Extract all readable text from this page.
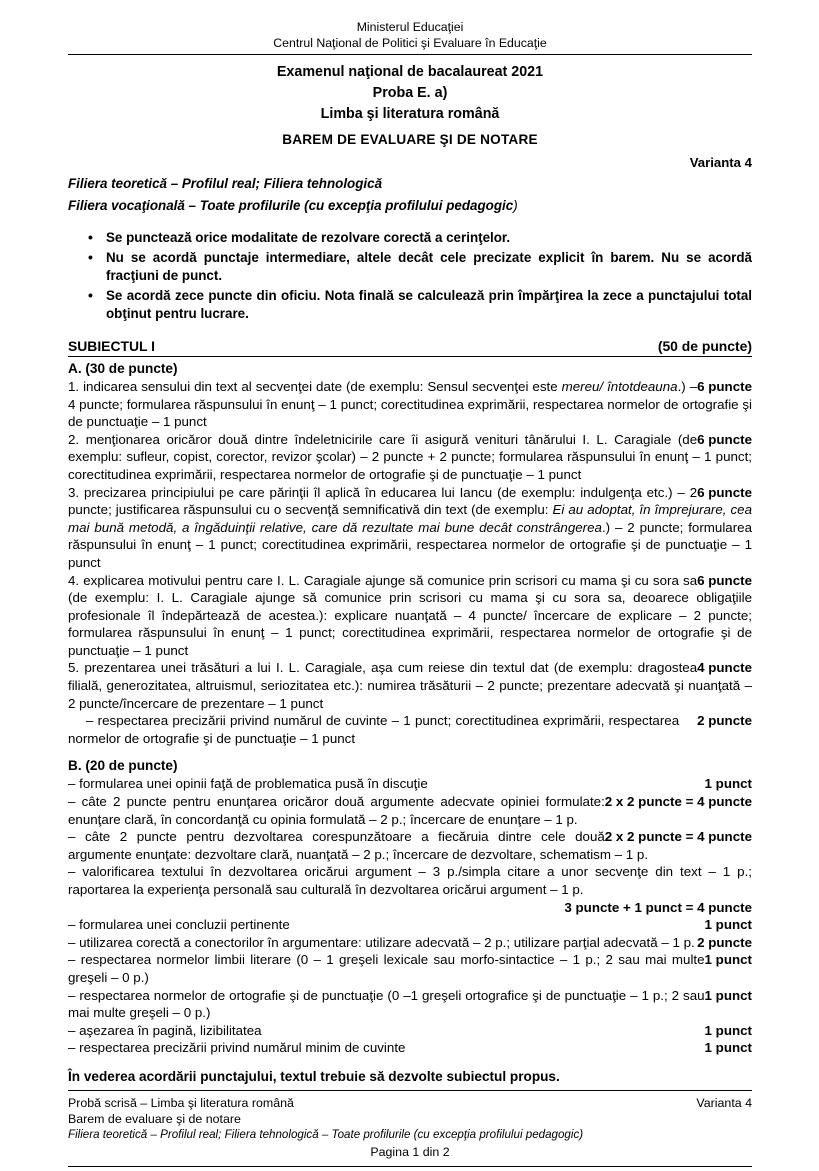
Ministerul Educaţiei
Centrul Naţional de Politici şi Evaluare în Educaţie
Examenul naţional de bacalaureat 2021
Proba E. a)
Limba şi literatura română
BAREM DE EVALUARE ŞI DE NOTARE
Varianta 4
Filiera teoretică – Profilul real; Filiera tehnologică
Filiera vocaţională – Toate profilurile (cu excepţia profilului pedagogic)
• Se punctează orice modalitate de rezolvare corectă a cerinţelor.
• Nu se acordă punctaje intermediare, altele decât cele precizate explicit în barem. Nu se acordă fracţiuni de punct.
• Se acordă zece puncte din oficiu. Nota finală se calculează prin împărţirea la zece a punctajului total obţinut pentru lucrare.
SUBIECTUL I	(50 de puncte)
A. (30 de puncte)

6 puncte
1. indicarea sensului din text al secvenţei date (de exemplu: Sensul secvenţei este mereu/ întotdeauna.) – 4 puncte; formularea răspunsului în enunţ – 1 punct; corectitudinea exprimării, respectarea normelor de ortografie şi de punctuaţie – 1 punct

6 puncte
2. menţionarea oricăror două dintre îndeletnicirile care îi asigură venituri tânărului I. L. Caragiale (de exemplu: sufleur, copist, corector, revizor şcolar) – 2 puncte + 2 puncte; formularea răspunsului în enunţ – 1 punct; corectitudinea exprimării, respectarea normelor de ortografie şi de punctuaţie – 1 punct

6 puncte
3. precizarea principiului pe care părinţii îl aplică în educarea lui Iancu (de exemplu: indulgenţa etc.) – 2 puncte; justificarea răspunsului cu o secvenţă semnificativă din text (de exemplu: Ei au adoptat, în împrejurare, cea mai bună metodă, a îngăduinţii relative, care dă rezultate mai bune decât constrângerea.) – 2 puncte; formularea răspunsului în enunţ – 1 punct; corectitudinea exprimării, respectarea normelor de ortografie şi de punctuaţie – 1 punct

6 puncte
4. explicarea motivului pentru care I. L. Caragiale ajunge să comunice prin scrisori cu mama şi cu sora sa (de exemplu: I. L. Caragiale ajunge să comunice prin scrisori cu mama şi cu sora sa, deoarece obligaţiile profesionale îl îndepărtează de acestea.): explicare nuanţată – 4 puncte/ încercare de explicare – 2 puncte; formularea răspunsului în enunţ – 1 punct; corectitudinea exprimării, respectarea normelor de ortografie şi de punctuaţie – 1 punct

4 puncte
5. prezentarea unei trăsături a lui I. L. Caragiale, aşa cum reiese din textul dat (de exemplu: dragostea filială, generozitatea, altruismul, seriozitatea etc.): numirea trăsăturii – 2 puncte; prezentare adecvată şi nuanţată – 2 puncte/încercare de prezentare – 1 punct

2 puncte
– respectarea precizării privind numărul de cuvinte – 1 punct; corectitudinea exprimării, respectarea normelor de ortografie şi de punctuaţie – 1 punct

B. (20 de puncte)

1 punct
– formularea unei opinii faţă de problematica pusă în discuţie

2 x 2 puncte = 4 puncte
– câte 2 puncte pentru enunţarea oricăror două argumente adecvate opiniei formulate: enunţare clară, în concordanţă cu opinia formulată – 2 p.; încercare de enunţare – 1 p.

2 x 2 puncte = 4 puncte
– câte 2 puncte pentru dezvoltarea corespunzătoare a fiecăruia dintre cele două argumente enunţate: dezvoltare clară, nuanţată – 2 p.; încercare de dezvoltare, schematism – 1 p.

– valorificarea textului în dezvoltarea oricărui argument – 3 p./simpla citare a unor secvenţe din text – 1 p.; raportarea la experienţa personală sau culturală în dezvoltarea oricărui argument – 1 p.

3 puncte + 1 punct = 4 puncte

1 punct
– formularea unei concluzii pertinente

2 puncte
– utilizarea corectă a conectorilor în argumentare: utilizare adecvată – 2 p.; utilizare parţial adecvată – 1 p.

1 punct
– respectarea normelor limbii literare (0 – 1 greşeli lexicale sau morfo-sintactice – 1 p.; 2 sau mai multe greşeli – 0 p.)

1 punct
– respectarea normelor de ortografie şi de punctuaţie (0 –1 greşeli ortografice şi de punctuaţie – 1 p.; 2 sau mai multe greşeli – 0 p.)

1 punct
– aşezarea în pagină, lizibilitatea

1 punct
– respectarea precizării privind numărul minim de cuvinte

În vederea acordării punctajului, textul trebuie să dezvolte subiectul propus.
Probă scrisă – Limba şi literatura română	Varianta 4
Barem de evaluare şi de notare
Filiera teoretică – Profilul real; Filiera tehnologică – Toate profilurile (cu excepţia profilului pedagogic)
Pagina 1 din 2
